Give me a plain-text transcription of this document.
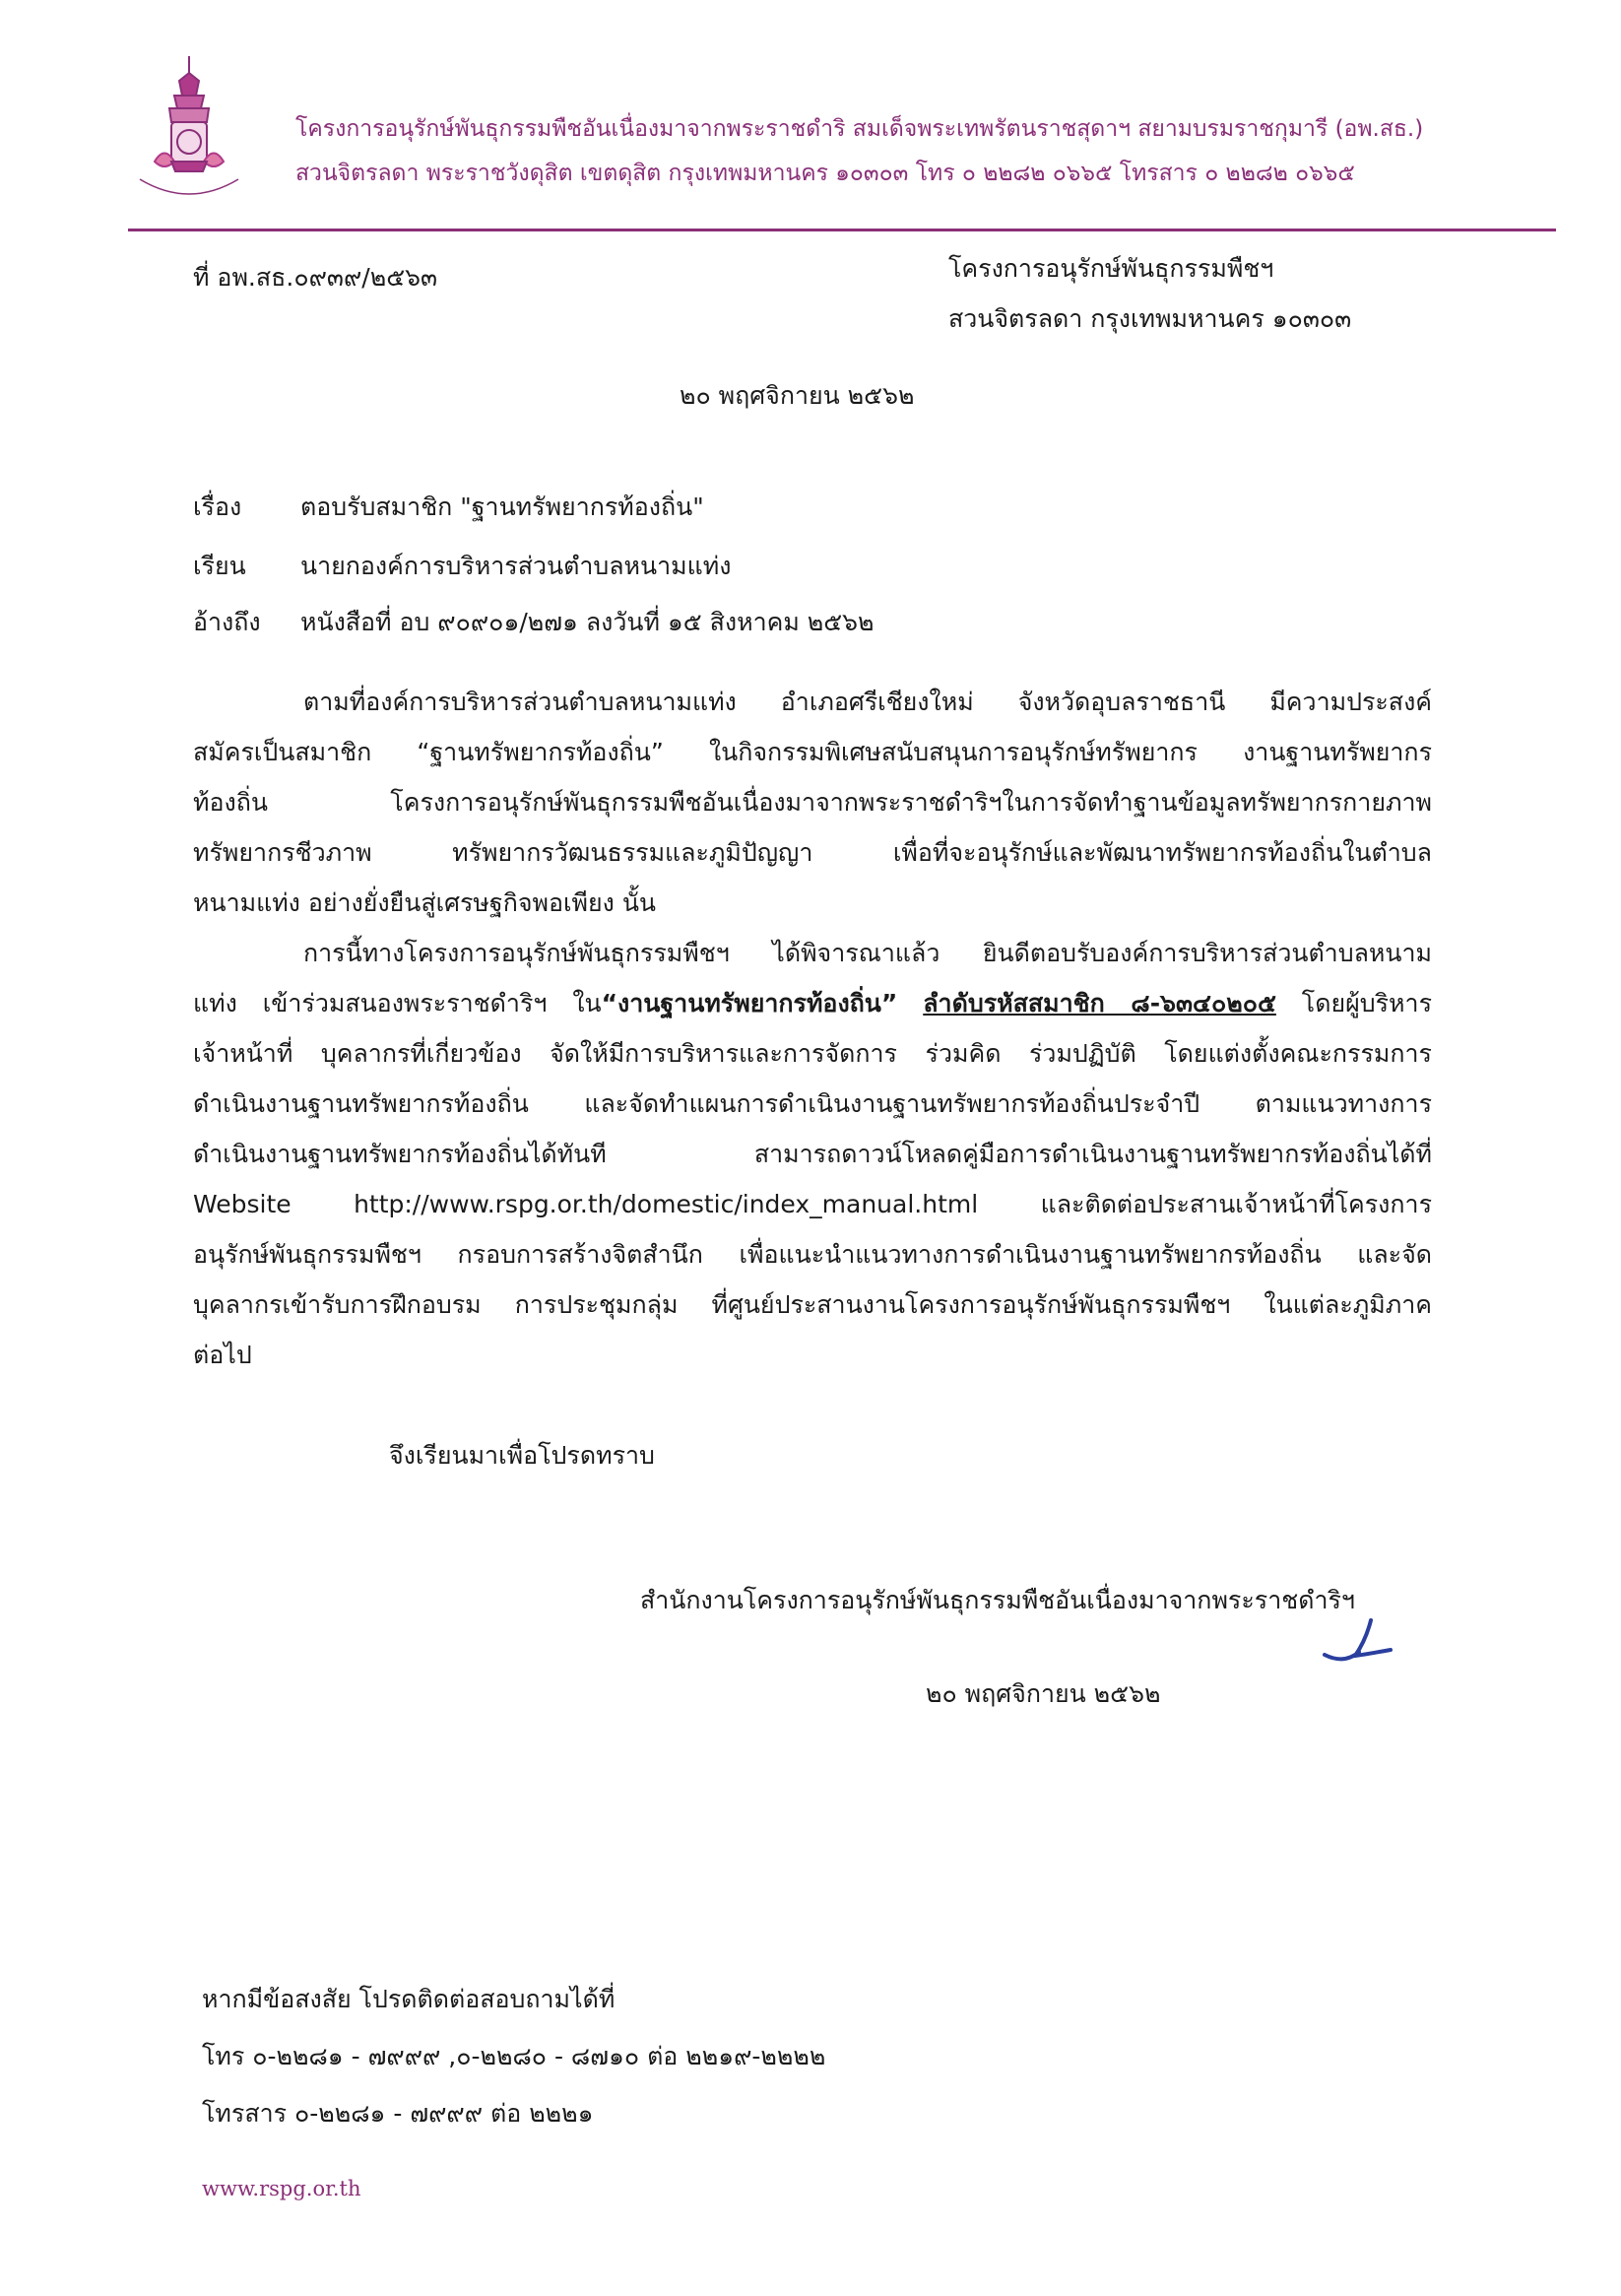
โครงการอนุรักษ์พันธุกรรมพืชอันเนื่องมาจากพระราชดำริ สมเด็จพระเทพรัตนราชสุดาฯ สยามบรมราชกุมารี (อพ.สธ.)
สวนจิตรลดา พระราชวังดุสิต เขตดุสิต กรุงเทพมหานคร ๑๐๓๐๓ โทร ๐ ๒๒๘๒ ๐๖๖๕ โทรสาร ๐ ๒๒๘๒ ๐๖๖๕
ที่ อพ.สธ.๐๙๓๙/๒๕๖๓	โครงการอนุรักษ์พันธุกรรมพืชฯ
สวนจิตรลดา กรุงเทพมหานคร ๑๐๓๐๓
๒๐ พฤศจิกายน ๒๕๖๒
เรื่อง ตอบรับสมาชิก "ฐานทรัพยากรท้องถิ่น"
เรียน นายกองค์การบริหารส่วนตำบลหนามแท่ง
อ้างถึง หนังสือที่ อบ ๙๐๙๐๑/๒๗๑ ลงวันที่ ๑๕ สิงหาคม ๒๕๖๒
ตามที่องค์การบริหารส่วนตำบลหนามแท่ง อำเภอศรีเชียงใหม่ จังหวัดอุบลราชธานี มีความประสงค์
สมัครเป็นสมาชิก “ฐานทรัพยากรท้องถิ่น” ในกิจกรรมพิเศษสนับสนุนการอนุรักษ์ทรัพยากร งานฐานทรัพยากร
ท้องถิ่น โครงการอนุรักษ์พันธุกรรมพืชอันเนื่องมาจากพระราชดำริฯในการจัดทำฐานข้อมูลทรัพยากรกายภาพ
ทรัพยากรชีวภาพ ทรัพยากรวัฒนธรรมและภูมิปัญญา เพื่อที่จะอนุรักษ์และพัฒนาทรัพยากรท้องถิ่นในตำบล
หนามแท่ง อย่างยั่งยืนสู่เศรษฐกิจพอเพียง นั้น
การนี้ทางโครงการอนุรักษ์พันธุกรรมพืชฯ ได้พิจารณาแล้ว ยินดีตอบรับองค์การบริหารส่วนตำบลหนาม
แท่ง เข้าร่วมสนองพระราชดำริฯ ใน“งานฐานทรัพยากรท้องถิ่น” ลำดับรหัสสมาชิก ๘-๖๓๔๐๒๐๕ โดยผู้บริหาร
เจ้าหน้าที่ บุคลากรที่เกี่ยวข้อง จัดให้มีการบริหารและการจัดการ ร่วมคิด ร่วมปฏิบัติ โดยแต่งตั้งคณะกรรมการ
ดำเนินงานฐานทรัพยากรท้องถิ่น และจัดทำแผนการดำเนินงานฐานทรัพยากรท้องถิ่นประจำปี ตามแนวทางการ
ดำเนินงานฐานทรัพยากรท้องถิ่นได้ทันที สามารถดาวน์โหลดคู่มือการดำเนินงานฐานทรัพยากรท้องถิ่นได้ที่
Website http://www.rspg.or.th/domestic/index_manual.html และติดต่อประสานเจ้าหน้าที่โครงการ
อนุรักษ์พันธุกรรมพืชฯ กรอบการสร้างจิตสำนึก เพื่อแนะนำแนวทางการดำเนินงานฐานทรัพยากรท้องถิ่น และจัด
บุคลากรเข้ารับการฝึกอบรม การประชุมกลุ่ม ที่ศูนย์ประสานงานโครงการอนุรักษ์พันธุกรรมพืชฯ ในแต่ละภูมิภาค
ต่อไป
จึงเรียนมาเพื่อโปรดทราบ
สำนักงานโครงการอนุรักษ์พันธุกรรมพืชอันเนื่องมาจากพระราชดำริฯ
๒๐ พฤศจิกายน ๒๕๖๒
หากมีข้อสงสัย โปรดติดต่อสอบถามได้ที่
โทร ๐-๒๒๘๑ - ๗๙๙๙ ,๐-๒๒๘๐ - ๘๗๑๐ ต่อ ๒๒๑๙-๒๒๒๒
โทรสาร ๐-๒๒๘๑ - ๗๙๙๙ ต่อ ๒๒๒๑
www.rspg.or.th
